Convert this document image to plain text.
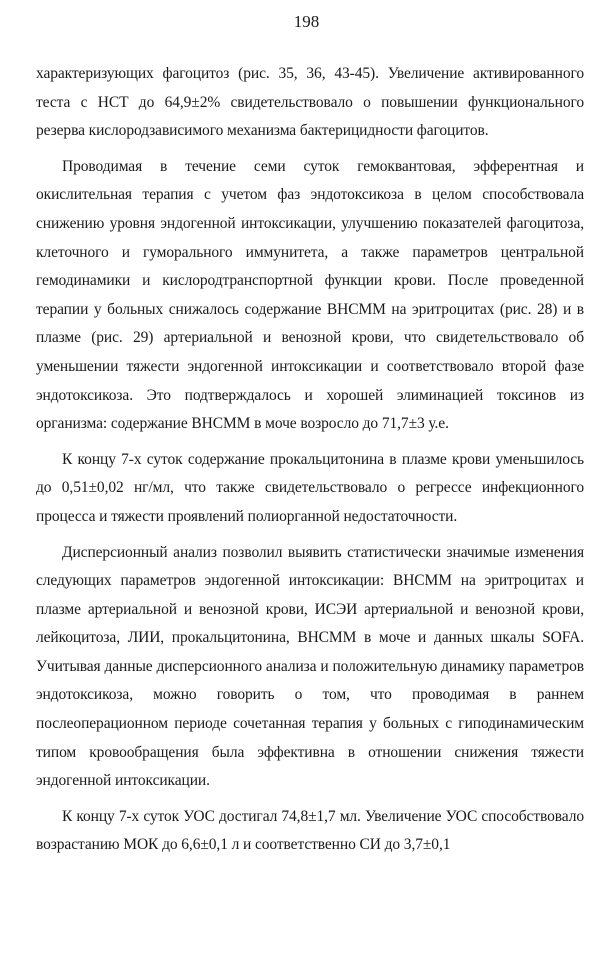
198

характеризующих фагоцитоз (рис. 35, 36, 43-45). Увеличение активированного теста с НСТ до 64,9±2% свидетельствовало о повышении функционального резерва кислородзависимого механизма бактерицидности фагоцитов.

Проводимая в течение семи суток гемоквантовая, эфферентная и окислительная терапия с учетом фаз эндотоксикоза в целом способствовала снижению уровня эндогенной интоксикации, улучшению показателей фагоцитоза, клеточного и гуморального иммунитета, а также параметров центральной гемодинамики и кислородтранспортной функции крови. После проведенной терапии у больных снижалось содержание ВНСММ на эритроцитах (рис. 28) и в плазме (рис. 29) артериальной и венозной крови, что свидетельствовало об уменьшении тяжести эндогенной интоксикации и соответствовало второй фазе эндотоксикоза. Это подтверждалось и хорошей элиминацией токсинов из организма: содержание ВНСММ в моче возросло до 71,7±3 у.е.

К концу 7-х суток содержание прокальцитонина в плазме крови уменьшилось до 0,51±0,02 нг/мл, что также свидетельствовало о регрессе инфекционного процесса и тяжести проявлений полиорганной недостаточности.

Дисперсионный анализ позволил выявить статистически значимые изменения следующих параметров эндогенной интоксикации: ВНСММ на эритроцитах и плазме артериальной и венозной крови, ИСЭИ артериальной и венозной крови, лейкоцитоза, ЛИИ, прокальцитонина, ВНСММ в моче и данных шкалы SOFA. Учитывая данные дисперсионного анализа и положительную динамику параметров эндотоксикоза, можно говорить о том, что проводимая в раннем послеоперационном периоде сочетанная терапия у больных с гиподинамическим типом кровообращения была эффективна в отношении снижения тяжести эндогенной интоксикации.

К концу 7-х суток УОС достигал 74,8±1,7 мл. Увеличение УОС способствовало возрастанию МОК до 6,6±0,1 л и соответственно СИ до 3,7±0,1
